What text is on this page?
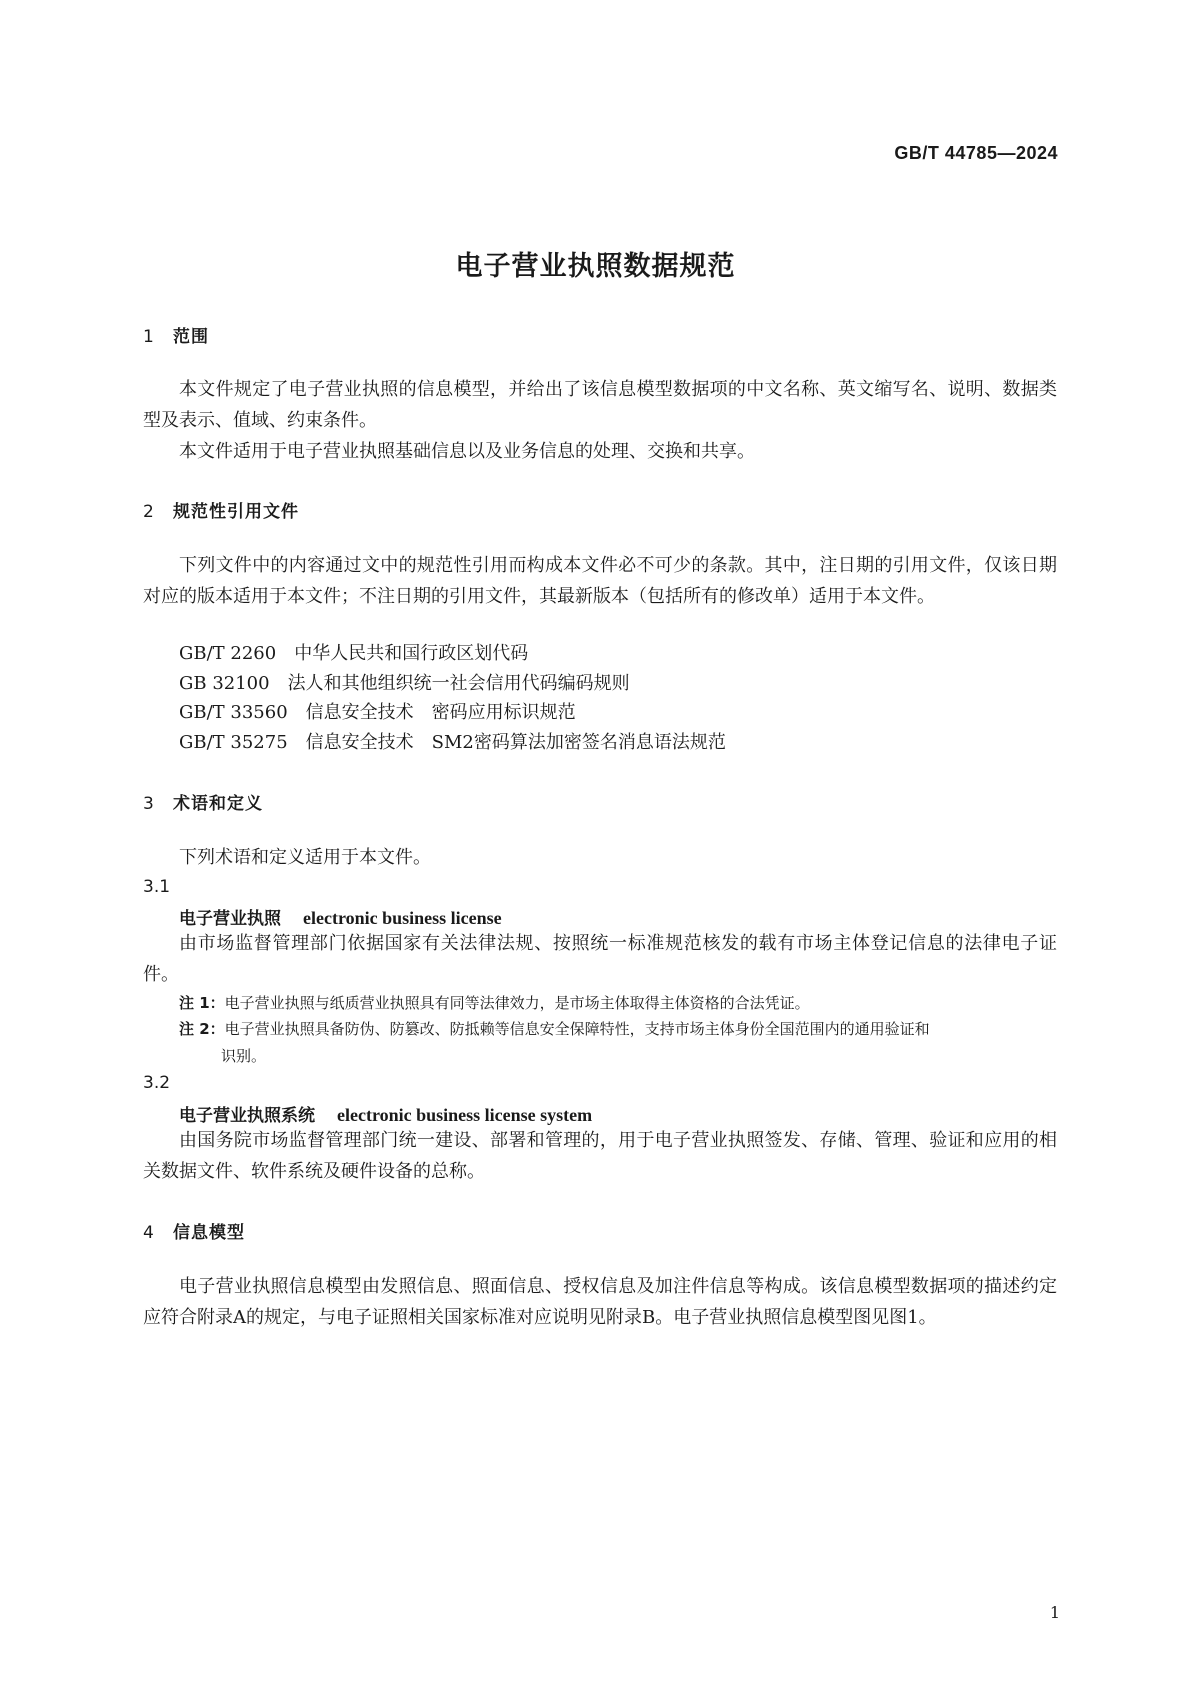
GB/T 44785—2024
电子营业执照数据规范
1 范围
本文件规定了电子营业执照的信息模型，并给出了该信息模型数据项的中文名称、英文缩写名、说明、数据类型及表示、值域、约束条件。
本文件适用于电子营业执照基础信息以及业务信息的处理、交换和共享。
2 规范性引用文件
下列文件中的内容通过文中的规范性引用而构成本文件必不可少的条款。其中，注日期的引用文件，仅该日期对应的版本适用于本文件；不注日期的引用文件，其最新版本（包括所有的修改单）适用于本文件。
GB/T 2260 中华人民共和国行政区划代码
GB 32100 法人和其他组织统一社会信用代码编码规则
GB/T 33560 信息安全技术　密码应用标识规范
GB/T 35275 信息安全技术　SM2密码算法加密签名消息语法规范
3 术语和定义
下列术语和定义适用于本文件。
3.1
电子营业执照 electronic business license
由市场监督管理部门依据国家有关法律法规、按照统一标准规范核发的载有市场主体登记信息的法律电子证件。
注 1：电子营业执照与纸质营业执照具有同等法律效力，是市场主体取得主体资格的合法凭证。
注 2：电子营业执照具备防伪、防篡改、防抵赖等信息安全保障特性，支持市场主体身份全国范围内的通用验证和
识别。
3.2
电子营业执照系统 electronic business license system
由国务院市场监督管理部门统一建设、部署和管理的，用于电子营业执照签发、存储、管理、验证和应用的相关数据文件、软件系统及硬件设备的总称。
4 信息模型
电子营业执照信息模型由发照信息、照面信息、授权信息及加注件信息等构成。该信息模型数据项的描述约定应符合附录A的规定，与电子证照相关国家标准对应说明见附录B。电子营业执照信息模型图见图1。
1
